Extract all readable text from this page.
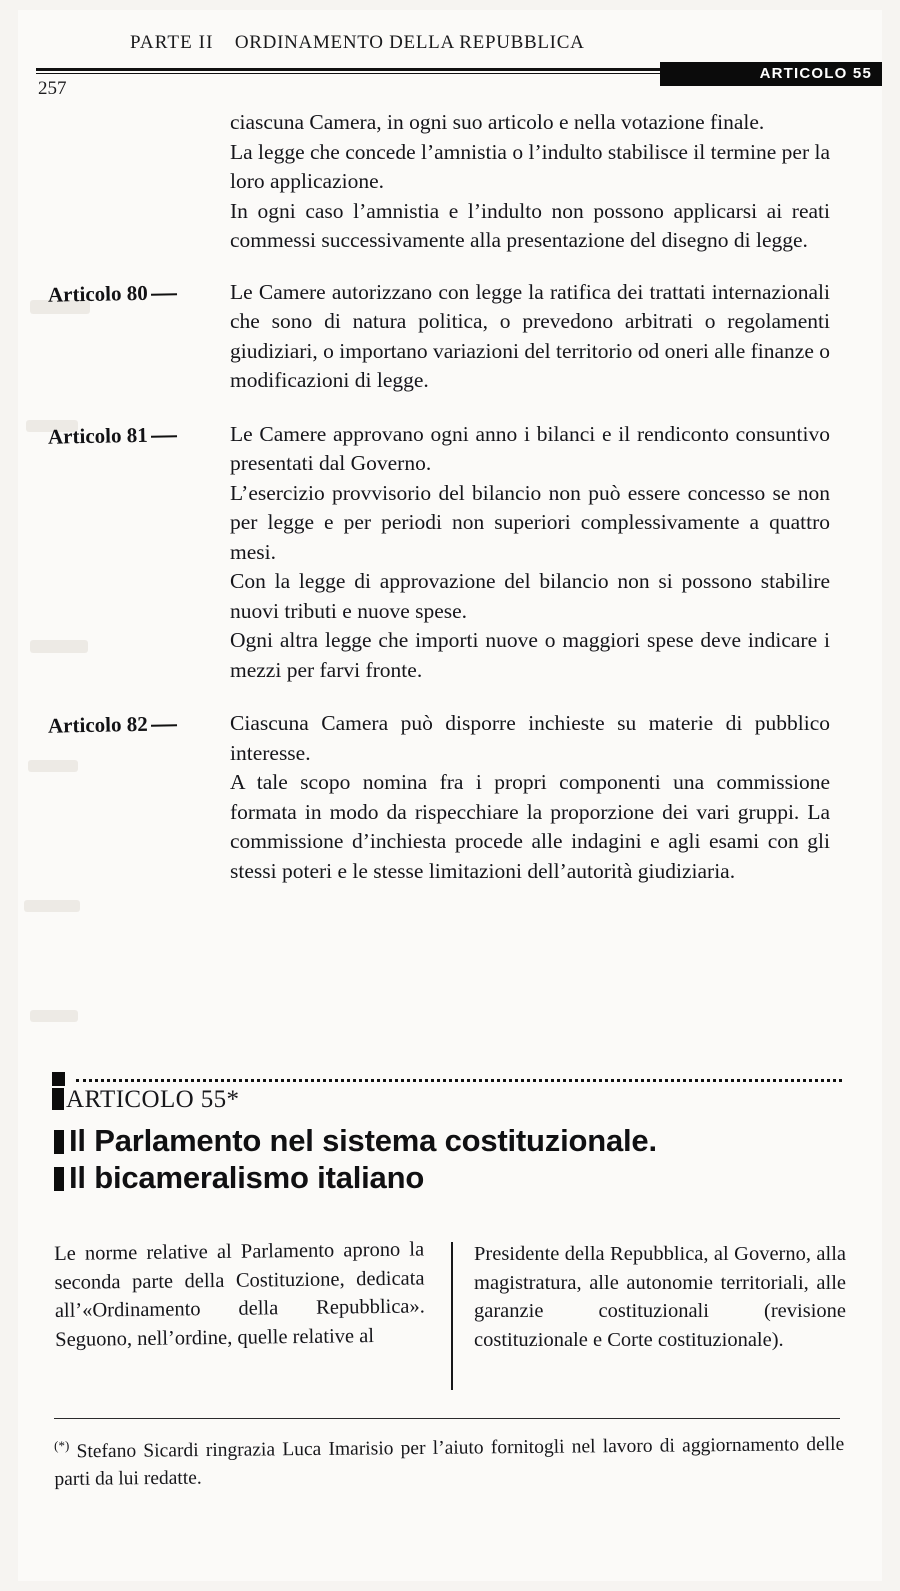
PARTE II ORDINAMENTO DELLA REPUBBLICA
ARTICOLO 55
257

ciascuna Camera, in ogni suo articolo e nella votazione finale.

La legge che concede l’amnistia o l’indulto stabilisce il termine per la loro applicazione.

In ogni caso l’amnistia e l’indulto non possono applicarsi ai reati commessi successivamente alla presentazione del disegno di legge.

Articolo 80	Le Camere autorizzano con legge la ratifica dei trattati internazionali che sono di natura politica, o prevedono arbitrati o regolamenti giudiziari, o importano variazioni del territorio od oneri alle finanze o modificazioni di legge.

Articolo 81	Le Camere approvano ogni anno i bilanci e il rendiconto consuntivo presentati dal Governo.

L’esercizio provvisorio del bilancio non può essere concesso se non per legge e per periodi non superiori complessivamente a quattro mesi.

Con la legge di approvazione del bilancio non si possono stabilire nuovi tributi e nuove spese.

Ogni altra legge che importi nuove o maggiori spese deve indicare i mezzi per farvi fronte.

Articolo 82	Ciascuna Camera può disporre inchieste su materie di pubblico interesse.

A tale scopo nomina fra i propri componenti una commissione formata in modo da rispecchiare la proporzione dei vari gruppi. La commissione d’inchiesta procede alle indagini e agli esami con gli stessi poteri e le stesse limitazioni dell’autorità giudiziaria.

ARTICOLO 55*
Il Parlamento nel sistema costituzionale.
Il bicameralismo italiano
Le norme relative al Parlamento aprono la seconda parte della Costituzione, dedicata all’«Ordinamento della Repubblica». Seguono, nell’ordine, quelle relative al
Presidente della Repubblica, al Governo, alla magistratura, alle autonomie territoriali, alle garanzie costituzionali (revisione costituzionale e Corte costituzionale).
(*) Stefano Sicardi ringrazia Luca Imarisio per l’aiuto fornitogli nel lavoro di aggiornamento delle parti da lui redatte.
